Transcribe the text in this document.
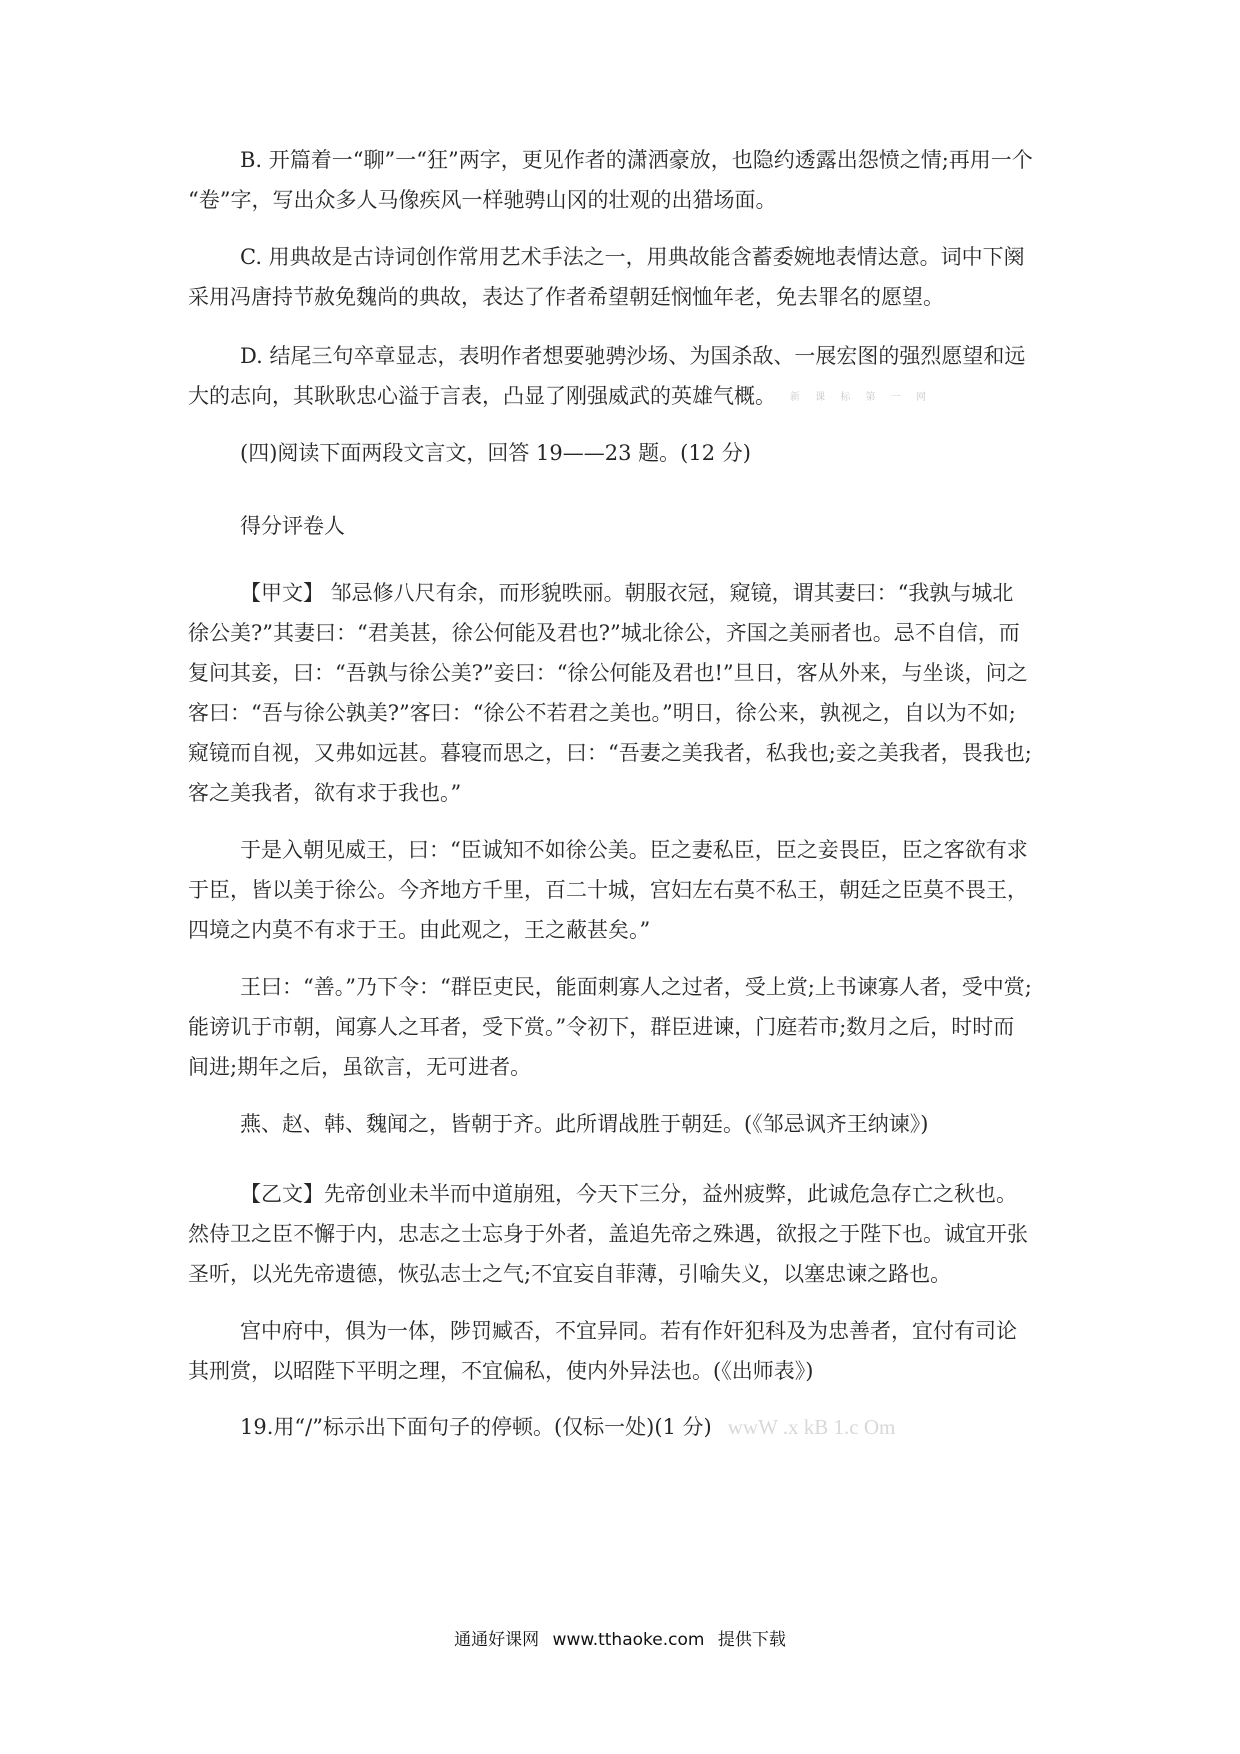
B. 开篇着一“聊”一“狂”两字，更见作者的潇洒豪放，也隐约透露出怨愤之情;再用一个
“卷”字，写出众多人马像疾风一样驰骋山冈的壮观的出猎场面。

C. 用典故是古诗词创作常用艺术手法之一，用典故能含蓄委婉地表情达意。词中下阕
采用冯唐持节赦免魏尚的典故，表达了作者希望朝廷悯恤年老，免去罪名的愿望。

D. 结尾三句卒章显志，表明作者想要驰骋沙场、为国杀敌、一展宏图的强烈愿望和远
大的志向，其耿耿忠心溢于言表，凸显了刚强威武的英雄气概。 新 课 标 第 一 网

(四)阅读下面两段文言文，回答 19——23 题。(12 分)

得分评卷人

【甲文】 邹忌修八尺有余，而形貌昳丽。朝服衣冠，窥镜，谓其妻曰：“我孰与城北
徐公美?”其妻曰：“君美甚，徐公何能及君也?”城北徐公，齐国之美丽者也。忌不自信，而
复问其妾，曰：“吾孰与徐公美?”妾曰：“徐公何能及君也!”旦日，客从外来，与坐谈，问之
客曰：“吾与徐公孰美?”客曰：“徐公不若君之美也。”明日，徐公来，孰视之，自以为不如;
窥镜而自视，又弗如远甚。暮寝而思之，曰：“吾妻之美我者，私我也;妾之美我者，畏我也;
客之美我者，欲有求于我也。”

于是入朝见威王，曰：“臣诚知不如徐公美。臣之妻私臣，臣之妾畏臣，臣之客欲有求
于臣，皆以美于徐公。今齐地方千里，百二十城，宫妇左右莫不私王，朝廷之臣莫不畏王，
四境之内莫不有求于王。由此观之，王之蔽甚矣。”

王曰：“善。”乃下令：“群臣吏民，能面刺寡人之过者，受上赏;上书谏寡人者，受中赏;
能谤讥于市朝，闻寡人之耳者，受下赏。”令初下，群臣进谏，门庭若市;数月之后，时时而
间进;期年之后，虽欲言，无可进者。

燕、赵、韩、魏闻之，皆朝于齐。此所谓战胜于朝廷。(《邹忌讽齐王纳谏》)

【乙文】先帝创业未半而中道崩殂，今天下三分，益州疲弊，此诚危急存亡之秋也。
然侍卫之臣不懈于内，忠志之士忘身于外者，盖追先帝之殊遇，欲报之于陛下也。诚宜开张
圣听，以光先帝遗德，恢弘志士之气;不宜妄自菲薄，引喻失义，以塞忠谏之路也。

宫中府中，俱为一体，陟罚臧否，不宜异同。若有作奸犯科及为忠善者，宜付有司论
其刑赏，以昭陛下平明之理，不宜偏私，使内外异法也。(《出师表》)

19.用“/”标示出下面句子的停顿。(仅标一处)(1 分) wwW .x kB 1.c Om

通通好课网 www.tthaoke.com 提供下载
